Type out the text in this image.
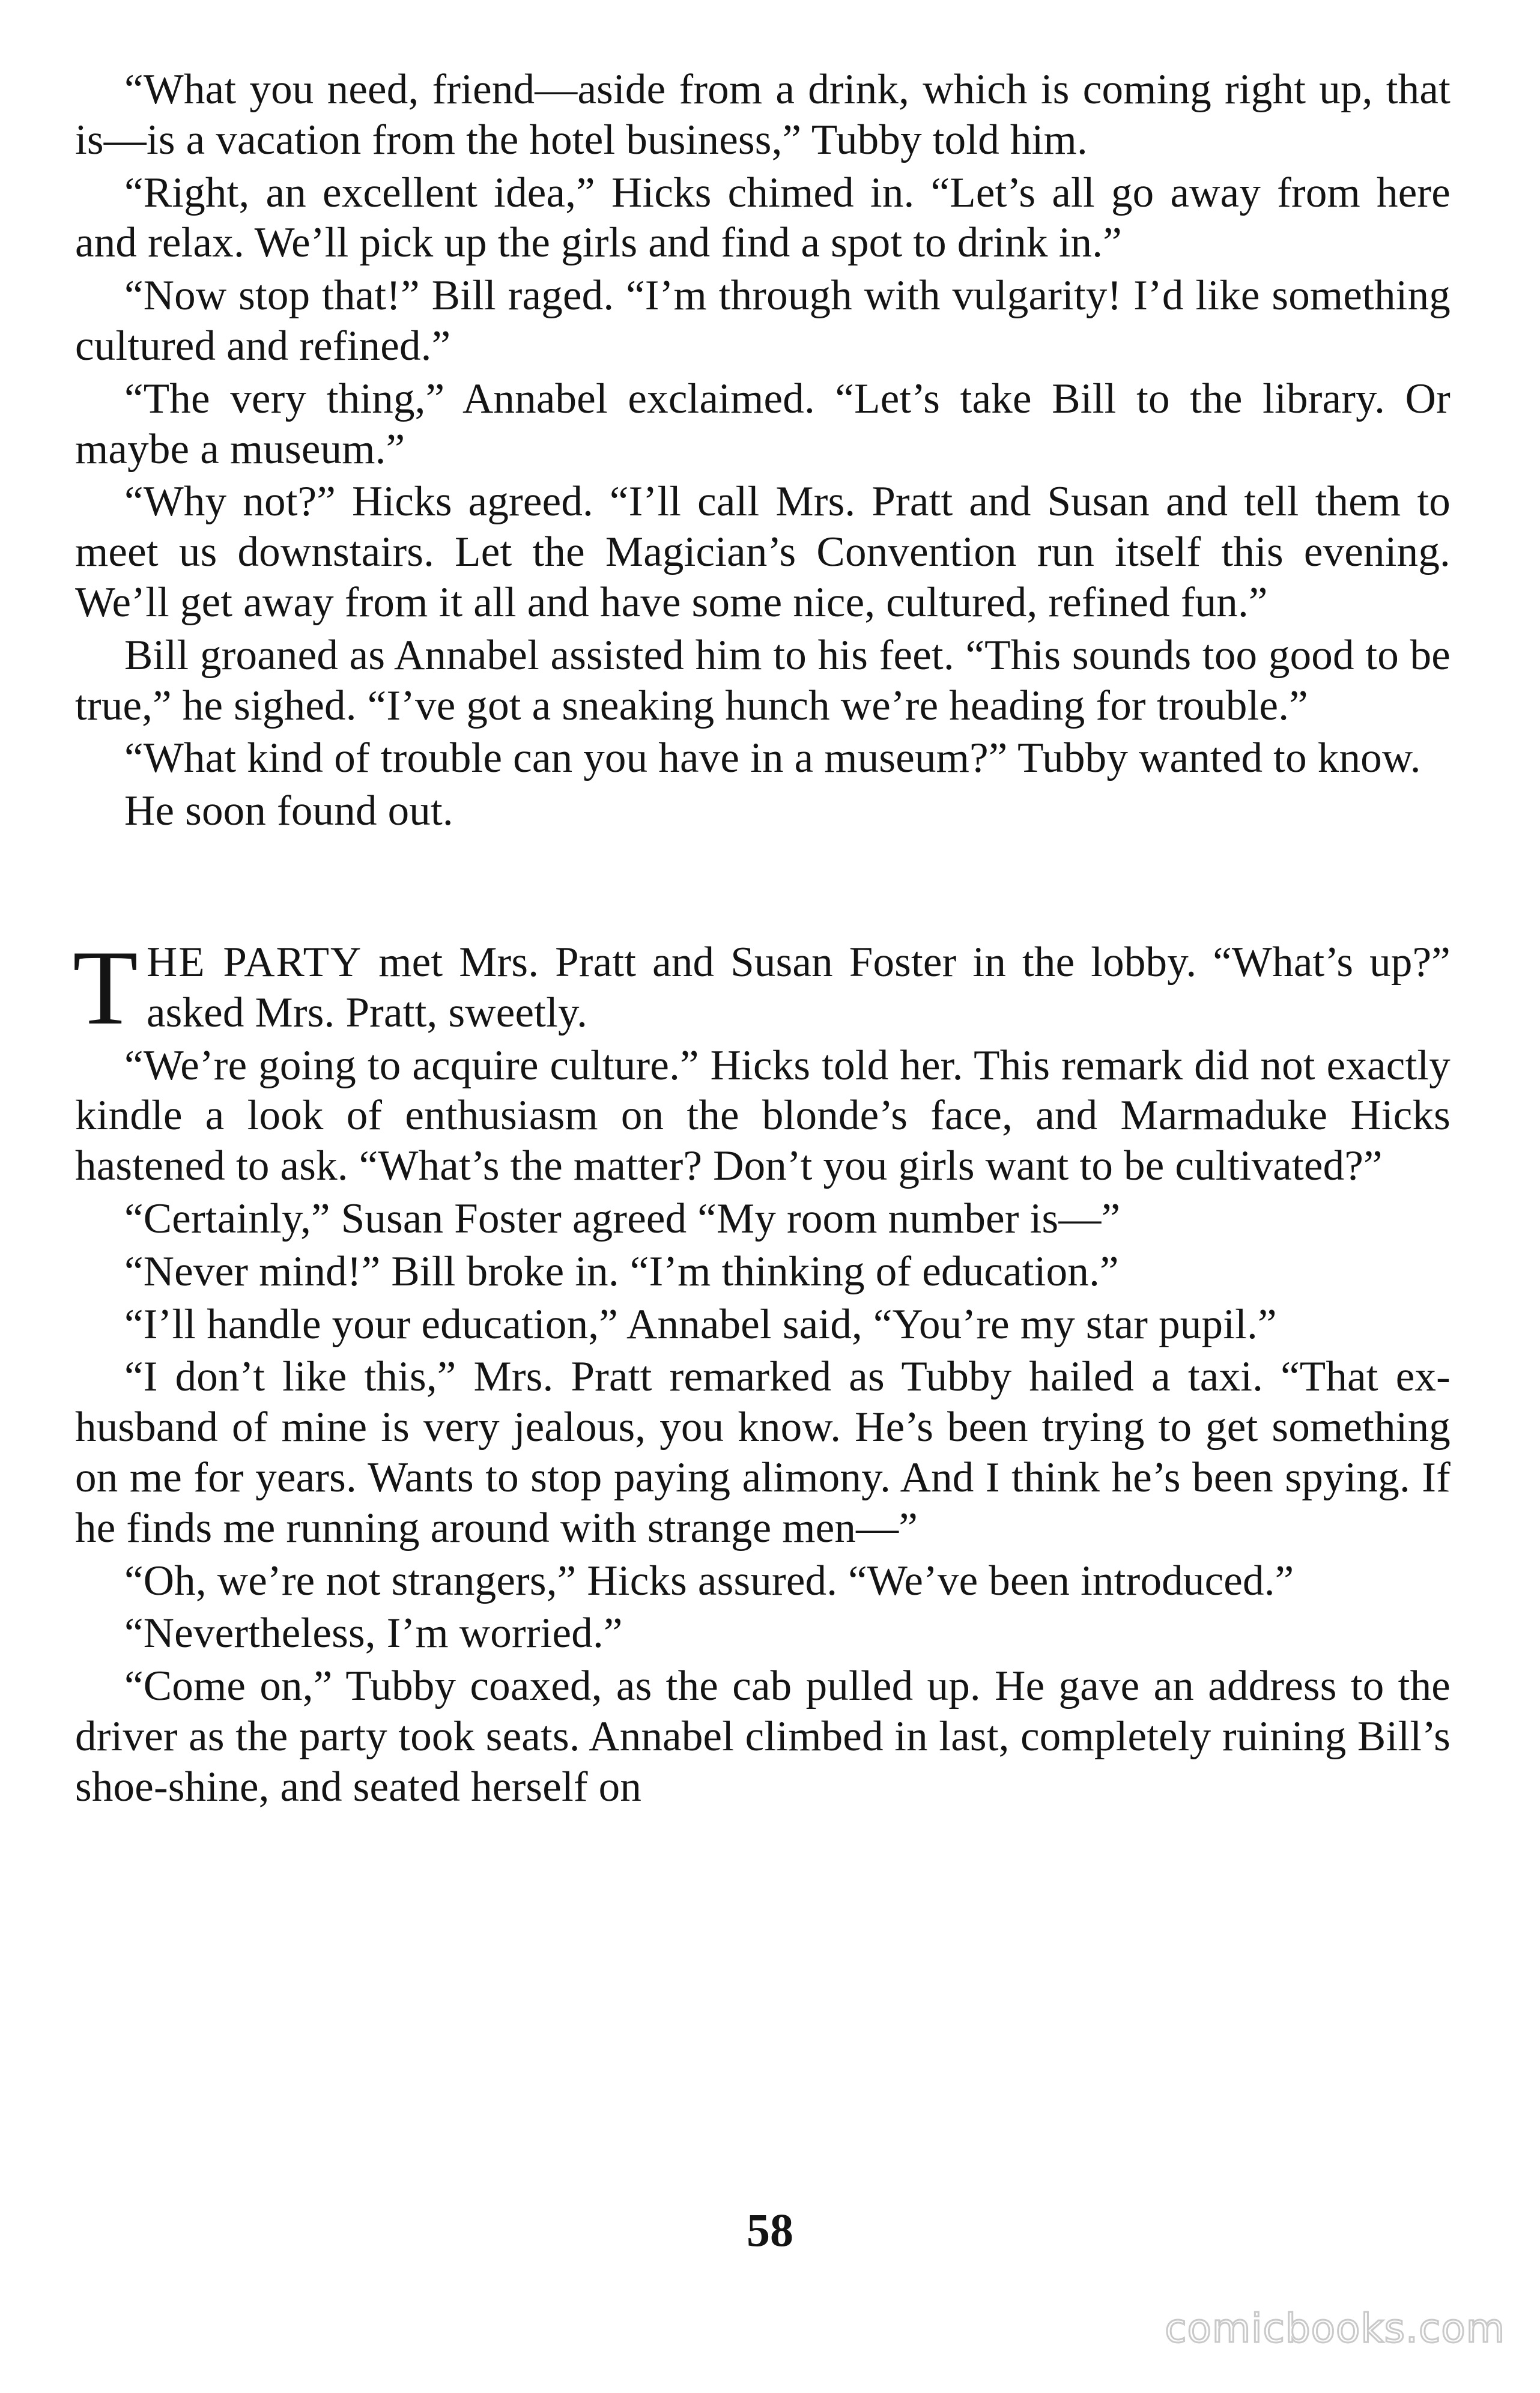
“What you need, friend—aside from a drink, which is coming right up, that is—is a vacation from the hotel business,” Tubby told him.

“Right, an excellent idea,” Hicks chimed in. “Let’s all go away from here and relax. We’ll pick up the girls and find a spot to drink in.”

“Now stop that!” Bill raged. “I’m through with vulgarity! I’d like something cultured and refined.”

“The very thing,” Annabel exclaimed. “Let’s take Bill to the library. Or maybe a museum.”

“Why not?” Hicks agreed. “I’ll call Mrs. Pratt and Susan and tell them to meet us downstairs. Let the Magician’s Convention run itself this evening. We’ll get away from it all and have some nice, cultured, refined fun.”

Bill groaned as Annabel assisted him to his feet. “This sounds too good to be true,” he sighed. “I’ve got a sneaking hunch we’re heading for trouble.”

“What kind of trouble can you have in a museum?” Tubby wanted to know.

He soon found out.

THE PARTY met Mrs. Pratt and Susan Foster in the lobby. “What’s up?” asked Mrs. Pratt, sweetly.

“We’re going to acquire culture.” Hicks told her. This remark did not exactly kindle a look of enthusiasm on the blonde’s face, and Marmaduke Hicks hastened to ask. “What’s the matter? Don’t you girls want to be cultivated?”

“Certainly,” Susan Foster agreed “My room number is—”

“Never mind!” Bill broke in. “I’m thinking of education.”

“I’ll handle your education,” Annabel said, “You’re my star pupil.”

“I don’t like this,” Mrs. Pratt remarked as Tubby hailed a taxi. “That ex-husband of mine is very jealous, you know. He’s been trying to get something on me for years. Wants to stop paying alimony. And I think he’s been spying. If he finds me running around with strange men—”

“Oh, we’re not strangers,” Hicks assured. “We’ve been introduced.”

“Nevertheless, I’m worried.”

“Come on,” Tubby coaxed, as the cab pulled up. He gave an address to the driver as the party took seats. Annabel climbed in last, completely ruining Bill’s shoe-shine, and seated herself on

58
comicbooks.com
